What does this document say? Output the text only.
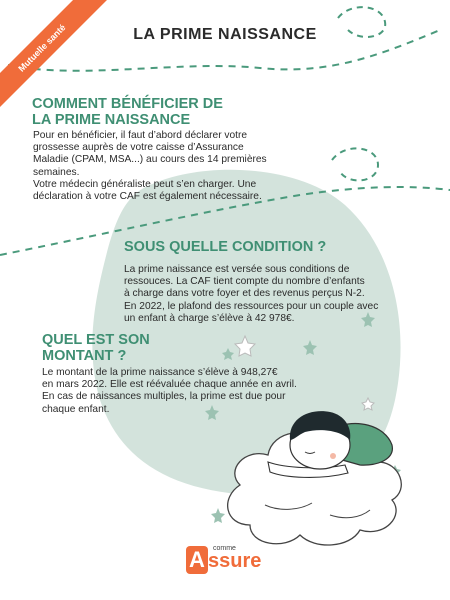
Mutuelle santé	LA PRIME NAISSANCE
COMMENT BÉNÉFICIER DE
LA PRIME NAISSANCE
Pour en bénéficier, il faut d’abord déclarer votre
grossesse auprès de votre caisse d’Assurance
Maladie (CPAM, MSA...) au cours des 14 premières
semaines.
Votre médecin généraliste peut s’en charger. Une
déclaration à votre CAF est également nécessaire.
SOUS QUELLE CONDITION ?
La prime naissance est versée sous conditions de
ressouces. La CAF tient compte du nombre d’enfants
à charge dans votre foyer et des revenus perçus N-2.
En 2022, le plafond des ressources pour un couple avec
un enfant à charge s’élève à 42 978€.
QUEL EST SON
MONTANT ?
Le montant de la prime naissance s’élève à 948,27€
en mars 2022. Elle est réévaluée chaque année en avril.
En cas de naissances multiples, la prime est due pour
chaque enfant.
A	comme
ssure
